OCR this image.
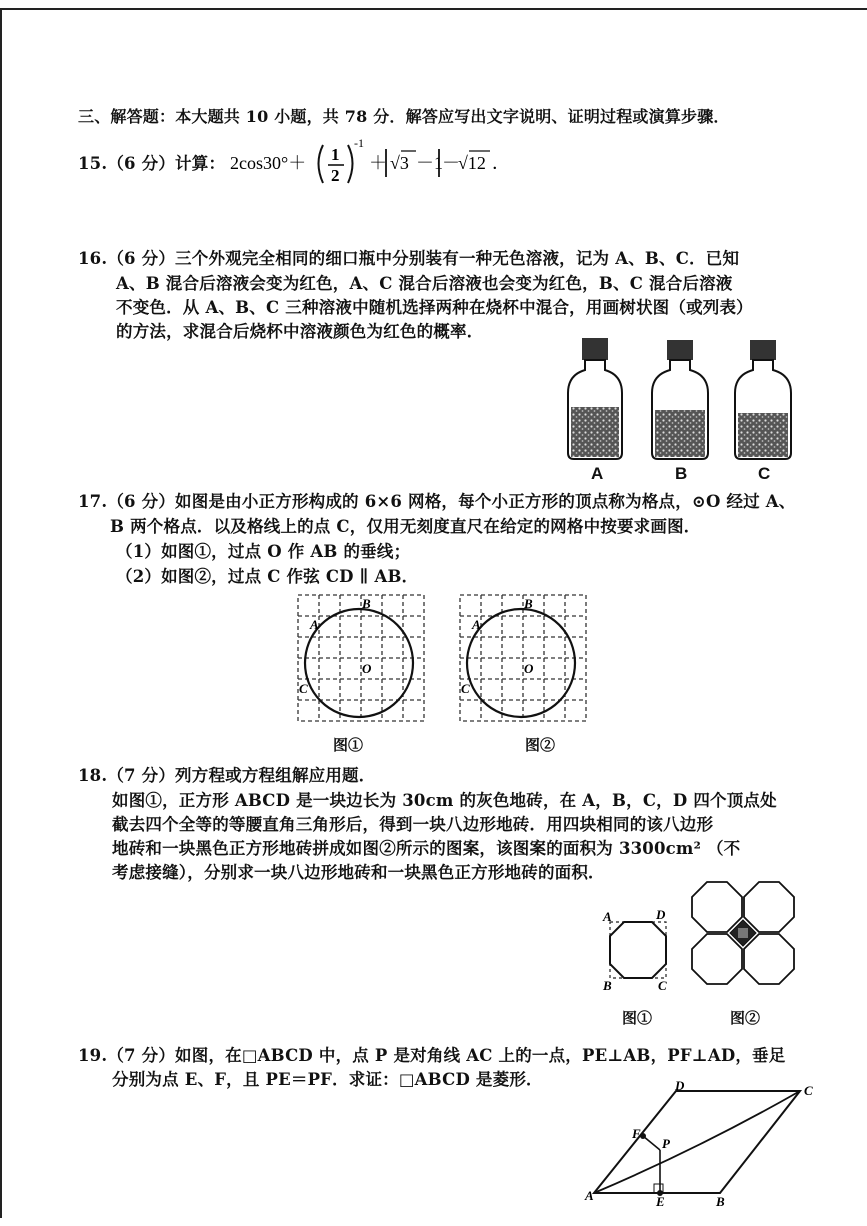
三、解答题：本大题共 10 小题，共 78 分．解答应写出文字说明、证明过程或演算步骤．
15.（6 分）计算： 2cos30°＋ 1
2
-1
＋ √3 －1 －
√12 ．
16.（6 分）三个外观完全相同的细口瓶中分别装有一种无色溶液，记为 A、B、C．已知
A、B 混合后溶液会变为红色，A、C 混合后溶液也会变为红色，B、C 混合后溶液
不变色．从 A、B、C 三种溶液中随机选择两种在烧杯中混合，用画树状图（或列表）
的方法，求混合后烧杯中溶液颜色为红色的概率．
A	B	C
17.（6 分）如图是由小正方形构成的 6×6 网格，每个小正方形的顶点称为格点，⊙O 经过 A、
B 两个格点．以及格线上的点 C，仅用无刻度直尺在给定的网格中按要求画图．
（1）如图①，过点 O 作 AB 的垂线；
（2）如图②，过点 C 作弦 CD ∥ AB．
B
A
O
C
B
A
O
C
图①	图②
18.（7 分）列方程或方程组解应用题．
如图①，正方形 ABCD 是一块边长为 30cm 的灰色地砖，在 A，B，C，D 四个顶点处
截去四个全等的等腰直角三角形后，得到一块八边形地砖．用四块相同的该八边形
地砖和一块黑色正方形地砖拼成如图②所示的图案，该图案的面积为 3300cm² （不
考虑接缝），分别求一块八边形地砖和一块黑色正方形地砖的面积．
A	D
B	C
图①	图②
19.（7 分）如图，在□ABCD 中，点 P 是对角线 AC 上的一点，PE⊥AB，PF⊥AD，垂足
分别为点 E、F，且 PE＝PF．求证：□ABCD 是菱形．
A	E	B
C
D
F
P
